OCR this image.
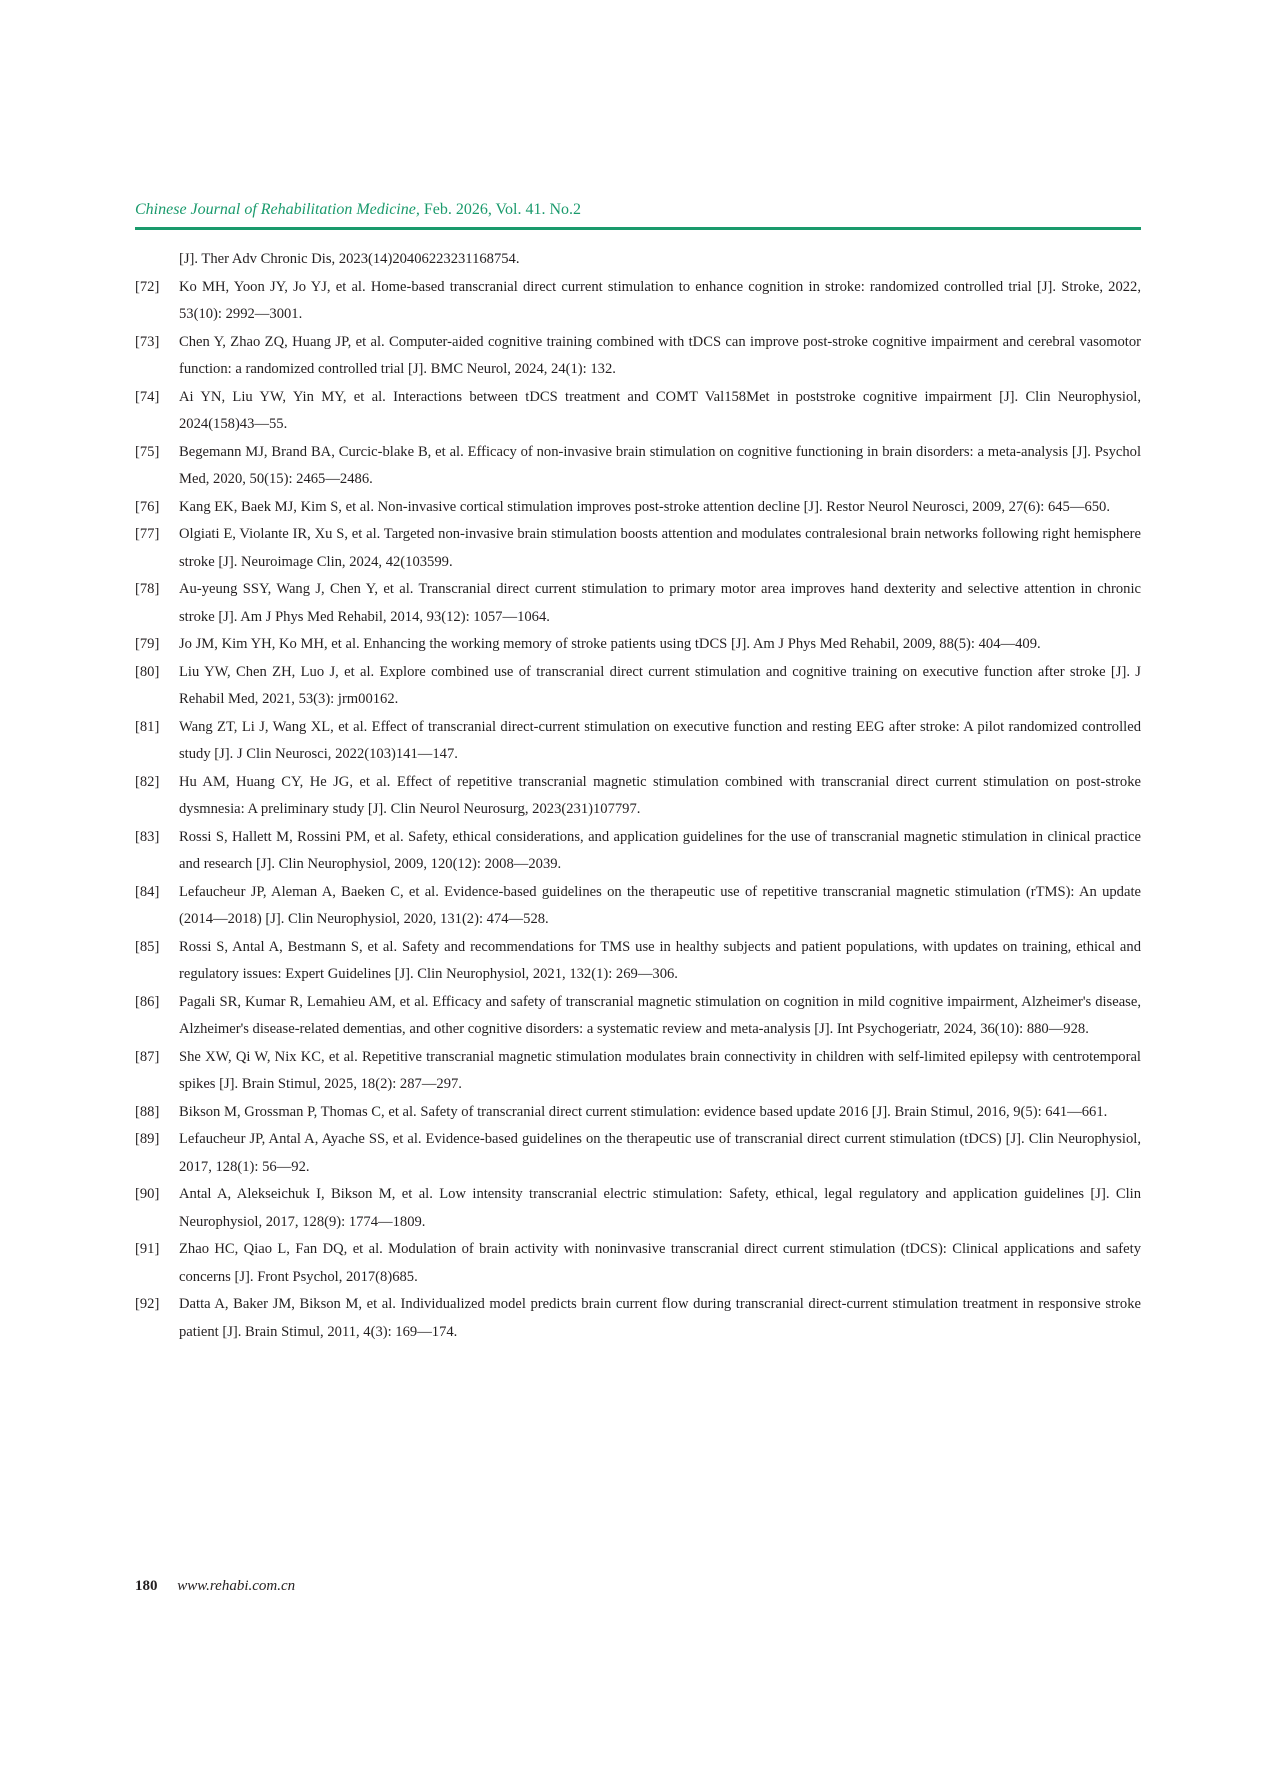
Chinese Journal of Rehabilitation Medicine, Feb. 2026, Vol. 41. No.2
[J]. Ther Adv Chronic Dis, 2023(14)20406223231168754.
[72]	Ko MH, Yoon JY, Jo YJ, et al. Home-based transcranial direct current stimulation to enhance cognition in stroke: randomized controlled trial [J]. Stroke, 2022, 53(10): 2992—3001.
[73]	Chen Y, Zhao ZQ, Huang JP, et al. Computer-aided cognitive training combined with tDCS can improve post-stroke cognitive impairment and cerebral vasomotor function: a randomized controlled trial [J]. BMC Neurol, 2024, 24(1): 132.
[74]	Ai YN, Liu YW, Yin MY, et al. Interactions between tDCS treatment and COMT Val158Met in poststroke cognitive impairment [J]. Clin Neurophysiol, 2024(158)43—55.
[75]	Begemann MJ, Brand BA, Curcic-blake B, et al. Efficacy of non-invasive brain stimulation on cognitive functioning in brain disorders: a meta-analysis [J]. Psychol Med, 2020, 50(15): 2465—2486.
[76]	Kang EK, Baek MJ, Kim S, et al. Non-invasive cortical stimulation improves post-stroke attention decline [J]. Restor Neurol Neurosci, 2009, 27(6): 645—650.
[77]	Olgiati E, Violante IR, Xu S, et al. Targeted non-invasive brain stimulation boosts attention and modulates contralesional brain networks following right hemisphere stroke [J]. Neuroimage Clin, 2024, 42(103599.
[78]	Au-yeung SSY, Wang J, Chen Y, et al. Transcranial direct current stimulation to primary motor area improves hand dexterity and selective attention in chronic stroke [J]. Am J Phys Med Rehabil, 2014, 93(12): 1057—1064.
[79]	Jo JM, Kim YH, Ko MH, et al. Enhancing the working memory of stroke patients using tDCS [J]. Am J Phys Med Rehabil, 2009, 88(5): 404—409.
[80]	Liu YW, Chen ZH, Luo J, et al. Explore combined use of transcranial direct current stimulation and cognitive training on executive function after stroke [J]. J Rehabil Med, 2021, 53(3): jrm00162.
[81]	Wang ZT, Li J, Wang XL, et al. Effect of transcranial direct-current stimulation on executive function and resting EEG after stroke: A pilot randomized controlled study [J]. J Clin Neurosci, 2022(103)141—147.
[82]	Hu AM, Huang CY, He JG, et al. Effect of repetitive transcranial magnetic stimulation combined with transcranial direct current stimulation on post-stroke dysmnesia: A preliminary study [J]. Clin Neurol Neurosurg, 2023(231)107797.
[83]	Rossi S, Hallett M, Rossini PM, et al. Safety, ethical considerations, and application guidelines for the use of transcranial magnetic stimulation in clinical practice and research [J]. Clin Neurophysiol, 2009, 120(12): 2008—2039.
[84]	Lefaucheur JP, Aleman A, Baeken C, et al. Evidence-based guidelines on the therapeutic use of repetitive transcranial magnetic stimulation (rTMS): An update (2014—2018) [J]. Clin Neurophysiol, 2020, 131(2): 474—528.
[85]	Rossi S, Antal A, Bestmann S, et al. Safety and recommendations for TMS use in healthy subjects and patient populations, with updates on training, ethical and regulatory issues: Expert Guidelines [J]. Clin Neurophysiol, 2021, 132(1): 269—306.
[86]	Pagali SR, Kumar R, Lemahieu AM, et al. Efficacy and safety of transcranial magnetic stimulation on cognition in mild cognitive impairment, Alzheimer's disease, Alzheimer's disease-related dementias, and other cognitive disorders: a systematic review and meta-analysis [J]. Int Psychogeriatr, 2024, 36(10): 880—928.
[87]	She XW, Qi W, Nix KC, et al. Repetitive transcranial magnetic stimulation modulates brain connectivity in children with self-limited epilepsy with centrotemporal spikes [J]. Brain Stimul, 2025, 18(2): 287—297.
[88]	Bikson M, Grossman P, Thomas C, et al. Safety of transcranial direct current stimulation: evidence based update 2016 [J]. Brain Stimul, 2016, 9(5): 641—661.
[89]	Lefaucheur JP, Antal A, Ayache SS, et al. Evidence-based guidelines on the therapeutic use of transcranial direct current stimulation (tDCS) [J]. Clin Neurophysiol, 2017, 128(1): 56—92.
[90]	Antal A, Alekseichuk I, Bikson M, et al. Low intensity transcranial electric stimulation: Safety, ethical, legal regulatory and application guidelines [J]. Clin Neurophysiol, 2017, 128(9): 1774—1809.
[91]	Zhao HC, Qiao L, Fan DQ, et al. Modulation of brain activity with noninvasive transcranial direct current stimulation (tDCS): Clinical applications and safety concerns [J]. Front Psychol, 2017(8)685.
[92]	Datta A, Baker JM, Bikson M, et al. Individualized model predicts brain current flow during transcranial direct-current stimulation treatment in responsive stroke patient [J]. Brain Stimul, 2011, 4(3): 169—174.
180 www.rehabi.com.cn
